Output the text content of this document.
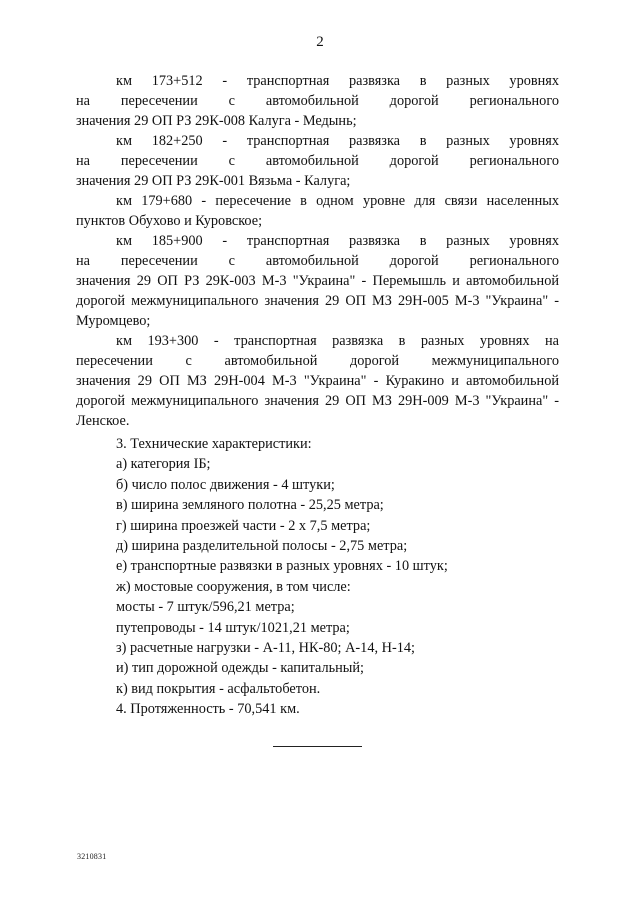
2
км 173+512 - транспортная развязка в разных уровнях
на пересечении с автомобильной дорогой регионального
значения 29 ОП РЗ 29К-008 Калуга - Медынь;
км 182+250 - транспортная развязка в разных уровнях
на пересечении с автомобильной дорогой регионального
значения 29 ОП РЗ 29К-001 Вязьма - Калуга;
км 179+680 - пересечение в одном уровне для связи населенных
пунктов Обухово и Куровское;
км 185+900 - транспортная развязка в разных уровнях
на пересечении с автомобильной дорогой регионального
значения 29 ОП РЗ 29К-003 М-3 "Украина" - Перемышль и автомобильной
дорогой межмуниципального значения 29 ОП МЗ 29Н-005 М-3 "Украина" -
Муромцево;
км 193+300 - транспортная развязка в разных уровнях на
пересечении с автомобильной дорогой межмуниципального
значения 29 ОП МЗ 29Н-004 М-3 "Украина" - Куракино и автомобильной
дорогой межмуниципального значения 29 ОП МЗ 29Н-009 М-3 "Украина" -
Ленское.
3. Технические характеристики:
а) категория IБ;
б) число полос движения - 4 штуки;
в) ширина земляного полотна - 25,25 метра;
г) ширина проезжей части - 2 х 7,5 метра;
д) ширина разделительной полосы - 2,75 метра;
е) транспортные развязки в разных уровнях - 10 штук;
ж) мостовые сооружения, в том числе:
мосты - 7 штук/596,21 метра;
путепроводы - 14 штук/1021,21 метра;
з) расчетные нагрузки - А-11, НК-80; А-14, Н-14;
и) тип дорожной одежды - капитальный;
к) вид покрытия - асфальтобетон.
4. Протяженность - 70,541 км.
3210831
